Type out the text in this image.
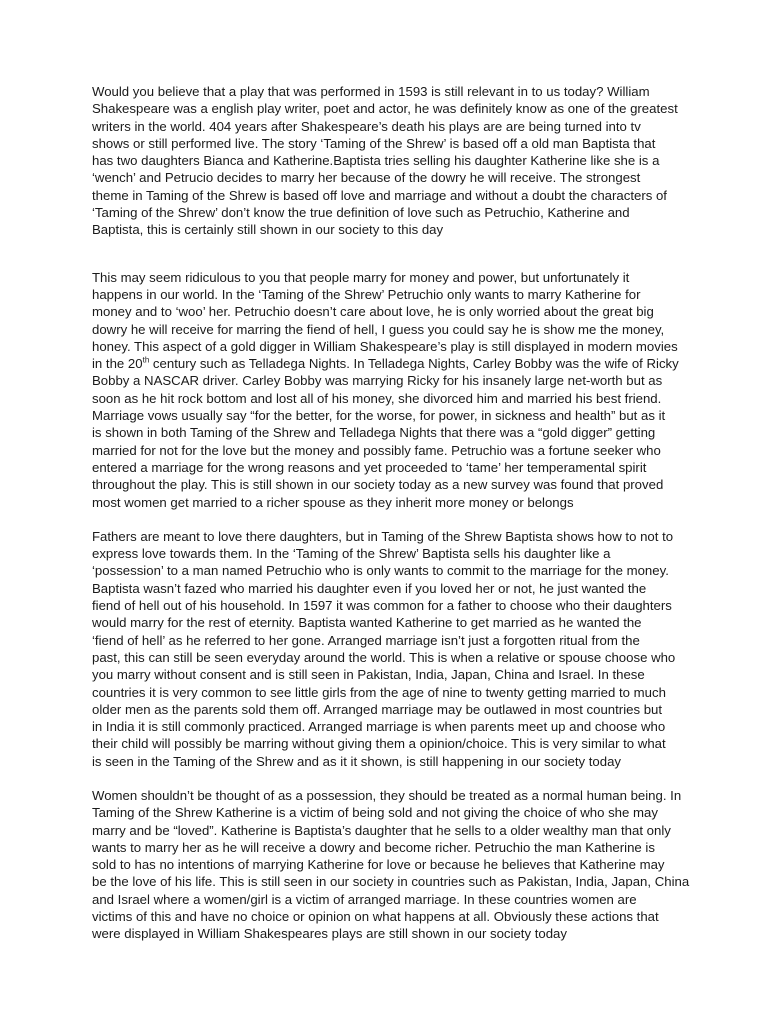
Would you believe that a play that was performed in 1593 is still relevant in to us today? William
Shakespeare was a english play writer, poet and actor, he was definitely know as one of the greatest
writers in the world. 404 years after Shakespeare’s death his plays are are being turned into tv
shows or still performed live. The story ‘Taming of the Shrew’ is based off a old man Baptista that
has two daughters Bianca and Katherine.Baptista tries selling his daughter Katherine like she is a
‘wench’ and Petrucio decides to marry her because of the dowry he will receive. The strongest
theme in Taming of the Shrew is based off love and marriage and without a doubt the characters of
‘Taming of the Shrew’ don’t know the true definition of love such as Petruchio, Katherine and
Baptista, this is certainly still shown in our society to this day
This may seem ridiculous to you that people marry for money and power, but unfortunately it
happens in our world. In the ‘Taming of the Shrew’ Petruchio only wants to marry Katherine for
money and to ‘woo’ her. Petruchio doesn’t care about love, he is only worried about the great big
dowry he will receive for marring the fiend of hell, I guess you could say he is show me the money,
honey. This aspect of a gold digger in William Shakespeare’s play is still displayed in modern movies
in the 20th century such as Telladega Nights. In Telladega Nights, Carley Bobby was the wife of Ricky
Bobby a NASCAR driver. Carley Bobby was marrying Ricky for his insanely large net-worth but as
soon as he hit rock bottom and lost all of his money, she divorced him and married his best friend.
Marriage vows usually say “for the better, for the worse, for power, in sickness and health” but as it
is shown in both Taming of the Shrew and Telladega Nights that there was a “gold digger” getting
married for not for the love but the money and possibly fame. Petruchio was a fortune seeker who
entered a marriage for the wrong reasons and yet proceeded to ‘tame’ her temperamental spirit
throughout the play. This is still shown in our society today as a new survey was found that proved
most women get married to a richer spouse as they inherit more money or belongs
Fathers are meant to love there daughters, but in Taming of the Shrew Baptista shows how to not to
express love towards them. In the ‘Taming of the Shrew’ Baptista sells his daughter like a
‘possession’ to a man named Petruchio who is only wants to commit to the marriage for the money.
Baptista wasn’t fazed who married his daughter even if you loved her or not, he just wanted the
fiend of hell out of his household. In 1597 it was common for a father to choose who their daughters
would marry for the rest of eternity. Baptista wanted Katherine to get married as he wanted the
‘fiend of hell’ as he referred to her gone. Arranged marriage isn’t just a forgotten ritual from the
past, this can still be seen everyday around the world. This is when a relative or spouse choose who
you marry without consent and is still seen in Pakistan, India, Japan, China and Israel. In these
countries it is very common to see little girls from the age of nine to twenty getting married to much
older men as the parents sold them off. Arranged marriage may be outlawed in most countries but
in India it is still commonly practiced. Arranged marriage is when parents meet up and choose who
their child will possibly be marring without giving them a opinion/choice. This is very similar to what
is seen in the Taming of the Shrew and as it it shown, is still happening in our society today
Women shouldn’t be thought of as a possession, they should be treated as a normal human being. In
Taming of the Shrew Katherine is a victim of being sold and not giving the choice of who she may
marry and be “loved”. Katherine is Baptista’s daughter that he sells to a older wealthy man that only
wants to marry her as he will receive a dowry and become richer. Petruchio the man Katherine is
sold to has no intentions of marrying Katherine for love or because he believes that Katherine may
be the love of his life. This is still seen in our society in countries such as Pakistan, India, Japan, China
and Israel where a women/girl is a victim of arranged marriage. In these countries women are
victims of this and have no choice or opinion on what happens at all. Obviously these actions that
were displayed in William Shakespeares plays are still shown in our society today
